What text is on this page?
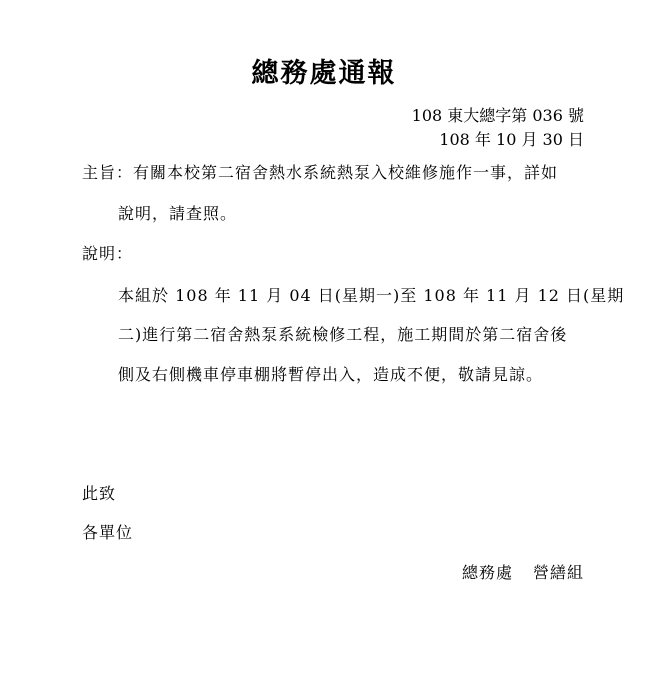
總務處通報
108 東大總字第 036 號
108 年 10 月 30 日
主旨：有關本校第二宿舍熱水系統熱泵入校維修施作一事，詳如
說明，請查照。
說明：
本組於 108 年 11 月 04 日(星期一)至 108 年 11 月 12 日(星期
二)進行第二宿舍熱泵系統檢修工程，施工期間於第二宿舍後
側及右側機車停車棚將暫停出入，造成不便，敬請見諒。
此致
各單位
總務處 營繕組
